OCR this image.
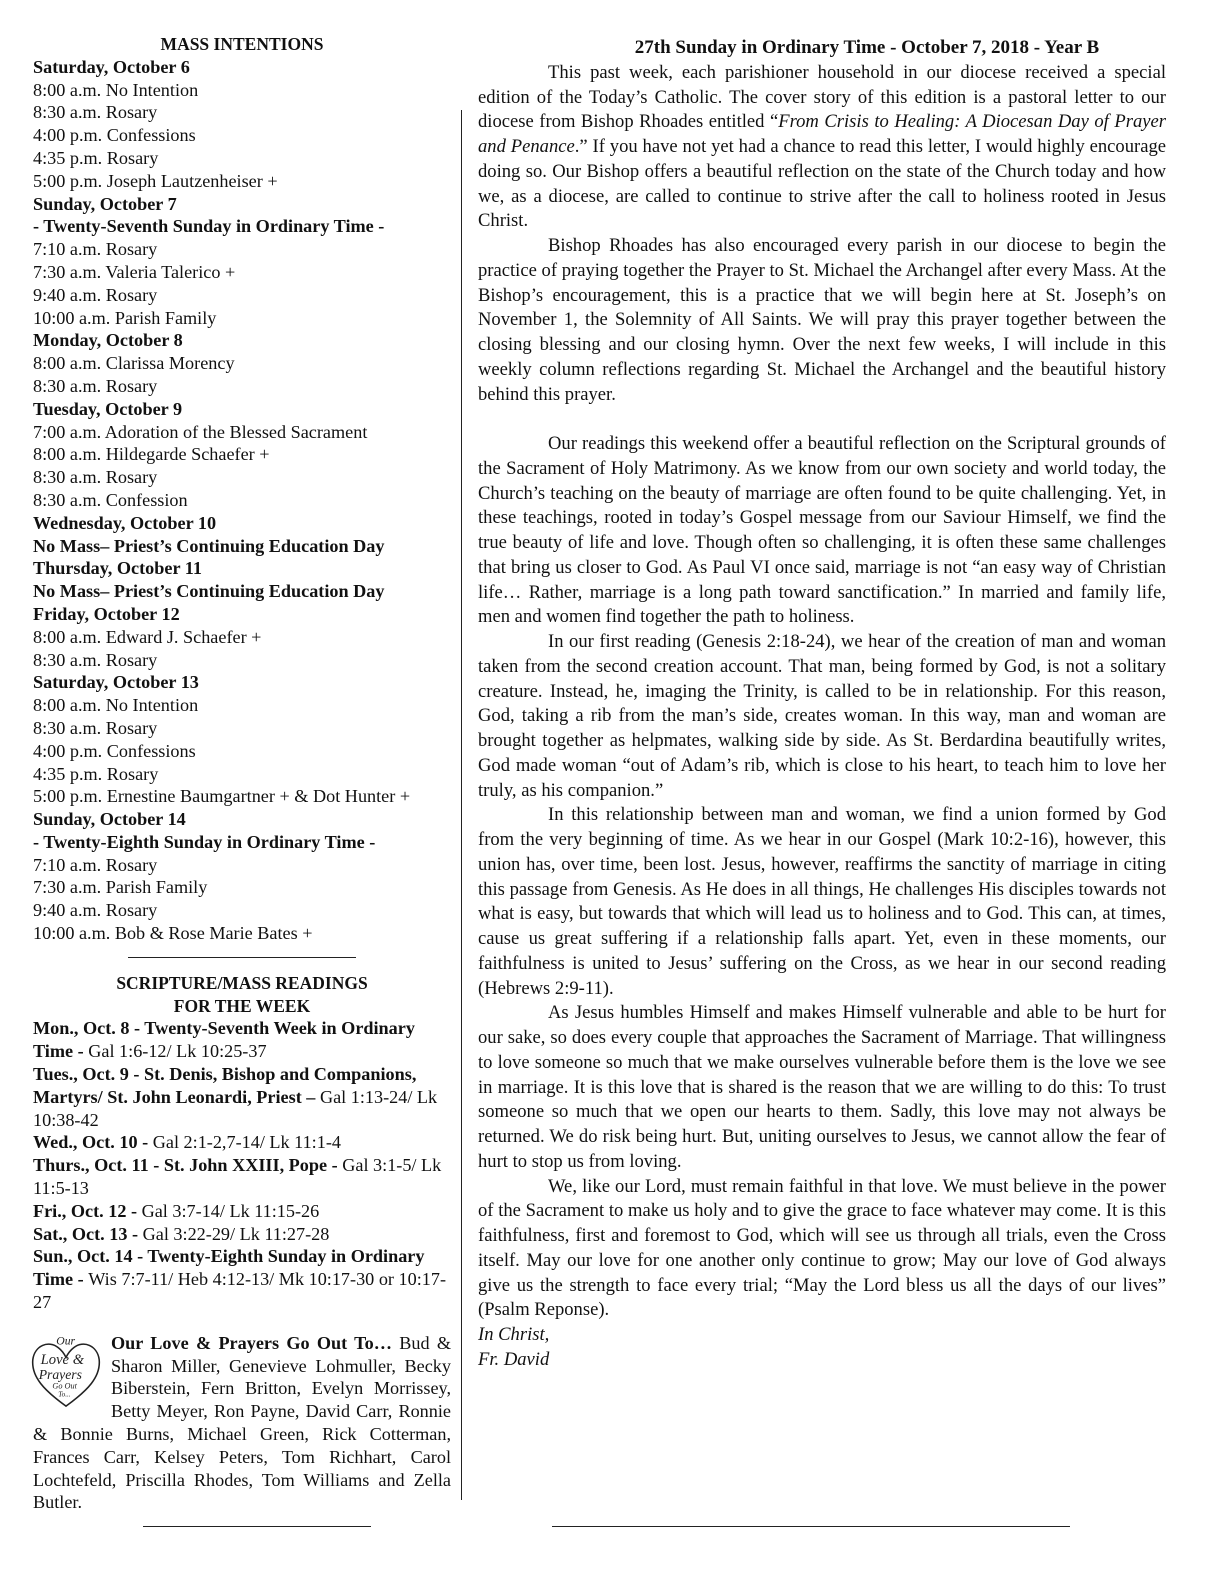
MASS INTENTIONS
Saturday, October 6
8:00 a.m. No Intention
8:30 a.m. Rosary
4:00 p.m. Confessions
4:35 p.m. Rosary
5:00 p.m. Joseph Lautzenheiser +
Sunday, October 7
- Twenty-Seventh Sunday in Ordinary Time -
7:10 a.m. Rosary
7:30 a.m. Valeria Talerico +
9:40 a.m. Rosary
10:00 a.m. Parish Family
Monday, October 8
8:00 a.m. Clarissa Morency
8:30 a.m. Rosary
Tuesday, October 9
7:00 a.m. Adoration of the Blessed Sacrament
8:00 a.m. Hildegarde Schaefer +
8:30 a.m. Rosary
8:30 a.m. Confession
Wednesday, October 10
No Mass– Priest’s Continuing Education Day
Thursday, October 11
No Mass– Priest’s Continuing Education Day
Friday, October 12
8:00 a.m. Edward J. Schaefer +
8:30 a.m. Rosary
Saturday, October 13
8:00 a.m. No Intention
8:30 a.m. Rosary
4:00 p.m. Confessions
4:35 p.m. Rosary
5:00 p.m. Ernestine Baumgartner + & Dot Hunter +
Sunday, October 14
- Twenty-Eighth Sunday in Ordinary Time -
7:10 a.m. Rosary
7:30 a.m. Parish Family
9:40 a.m. Rosary
10:00 a.m. Bob & Rose Marie Bates +
SCRIPTURE/MASS READINGS
FOR THE WEEK
Mon., Oct. 8 - Twenty-Seventh Week in Ordinary Time - Gal 1:6-12/ Lk 10:25-37
Tues., Oct. 9 - St. Denis, Bishop and Companions, Martyrs/ St. John Leonardi, Priest – Gal 1:13-24/ Lk 10:38-42
Wed., Oct. 10 - Gal 2:1-2,7-14/ Lk 11:1-4
Thurs., Oct. 11 - St. John XXIII, Pope - Gal 3:1-5/ Lk 11:5-13
Fri., Oct. 12 - Gal 3:7-14/ Lk 11:15-26
Sat., Oct. 13 - Gal 3:22-29/ Lk 11:27-28
Sun., Oct. 14 - Twenty-Eighth Sunday in Ordinary Time - Wis 7:7-11/ Heb 4:12-13/ Mk 10:17-30 or 10:17-27
Our
Love &
Prayers
Go Out
To...
Our Love & Prayers Go Out To… Bud & Sharon Miller, Genevieve Lohmuller, Becky Biberstein, Fern Britton, Evelyn Morrissey, Betty Meyer, Ron Payne, David Carr, Ronnie & Bonnie Burns, Michael Green, Rick Cotterman, Frances Carr, Kelsey Peters, Tom Richhart, Carol Lochtefeld, Priscilla Rhodes, Tom Williams and Zella Butler.
27th Sunday in Ordinary Time - October 7, 2018 - Year B

This past week, each parishioner household in our diocese received a special edition of the Today’s Catholic. The cover story of this edition is a pastoral letter to our diocese from Bishop Rhoades entitled “From Crisis to Healing: A Diocesan Day of Prayer and Penance.” If you have not yet had a chance to read this letter, I would highly encourage doing so. Our Bishop offers a beautiful reflection on the state of the Church today and how we, as a diocese, are called to continue to strive after the call to holiness rooted in Jesus Christ.

Bishop Rhoades has also encouraged every parish in our diocese to begin the practice of praying together the Prayer to St. Michael the Archangel after every Mass. At the Bishop’s encouragement, this is a practice that we will begin here at St. Joseph’s on November 1, the Solemnity of All Saints. We will pray this prayer together between the closing blessing and our closing hymn. Over the next few weeks, I will include in this weekly column reflections regarding St. Michael the Archangel and the beautiful history behind this prayer.

Our readings this weekend offer a beautiful reflection on the Scriptural grounds of the Sacrament of Holy Matrimony. As we know from our own society and world today, the Church’s teaching on the beauty of marriage are often found to be quite challenging. Yet, in these teachings, rooted in today’s Gospel message from our Saviour Himself, we find the true beauty of life and love. Though often so challenging, it is often these same challenges that bring us closer to God. As Paul VI once said, marriage is not “an easy way of Christian life… Rather, marriage is a long path toward sanctification.” In married and family life, men and women find together the path to holiness.

In our first reading (Genesis 2:18-24), we hear of the creation of man and woman taken from the second creation account. That man, being formed by God, is not a solitary creature. Instead, he, imaging the Trinity, is called to be in relationship. For this reason, God, taking a rib from the man’s side, creates woman. In this way, man and woman are brought together as helpmates, walking side by side. As St. Berdardina beautifully writes, God made woman “out of Adam’s rib, which is close to his heart, to teach him to love her truly, as his companion.”

In this relationship between man and woman, we find a union formed by God from the very beginning of time. As we hear in our Gospel (Mark 10:2-16), however, this union has, over time, been lost. Jesus, however, reaffirms the sanctity of marriage in citing this passage from Genesis. As He does in all things, He challenges His disciples towards not what is easy, but towards that which will lead us to holiness and to God. This can, at times, cause us great suffering if a relationship falls apart. Yet, even in these moments, our faithfulness is united to Jesus’ suffering on the Cross, as we hear in our second reading (Hebrews 2:9-11).

As Jesus humbles Himself and makes Himself vulnerable and able to be hurt for our sake, so does every couple that approaches the Sacrament of Marriage. That willingness to love someone so much that we make ourselves vulnerable before them is the love we see in marriage. It is this love that is shared is the reason that we are willing to do this: To trust someone so much that we open our hearts to them. Sadly, this love may not always be returned. We do risk being hurt. But, uniting ourselves to Jesus, we cannot allow the fear of hurt to stop us from loving.

We, like our Lord, must remain faithful in that love. We must believe in the power of the Sacrament to make us holy and to give the grace to face whatever may come. It is this faithfulness, first and foremost to God, which will see us through all trials, even the Cross itself. May our love for one another only continue to grow; May our love of God always give us the strength to face every trial; “May the Lord bless us all the days of our lives” (Psalm Reponse).

In Christ,
Fr. David
